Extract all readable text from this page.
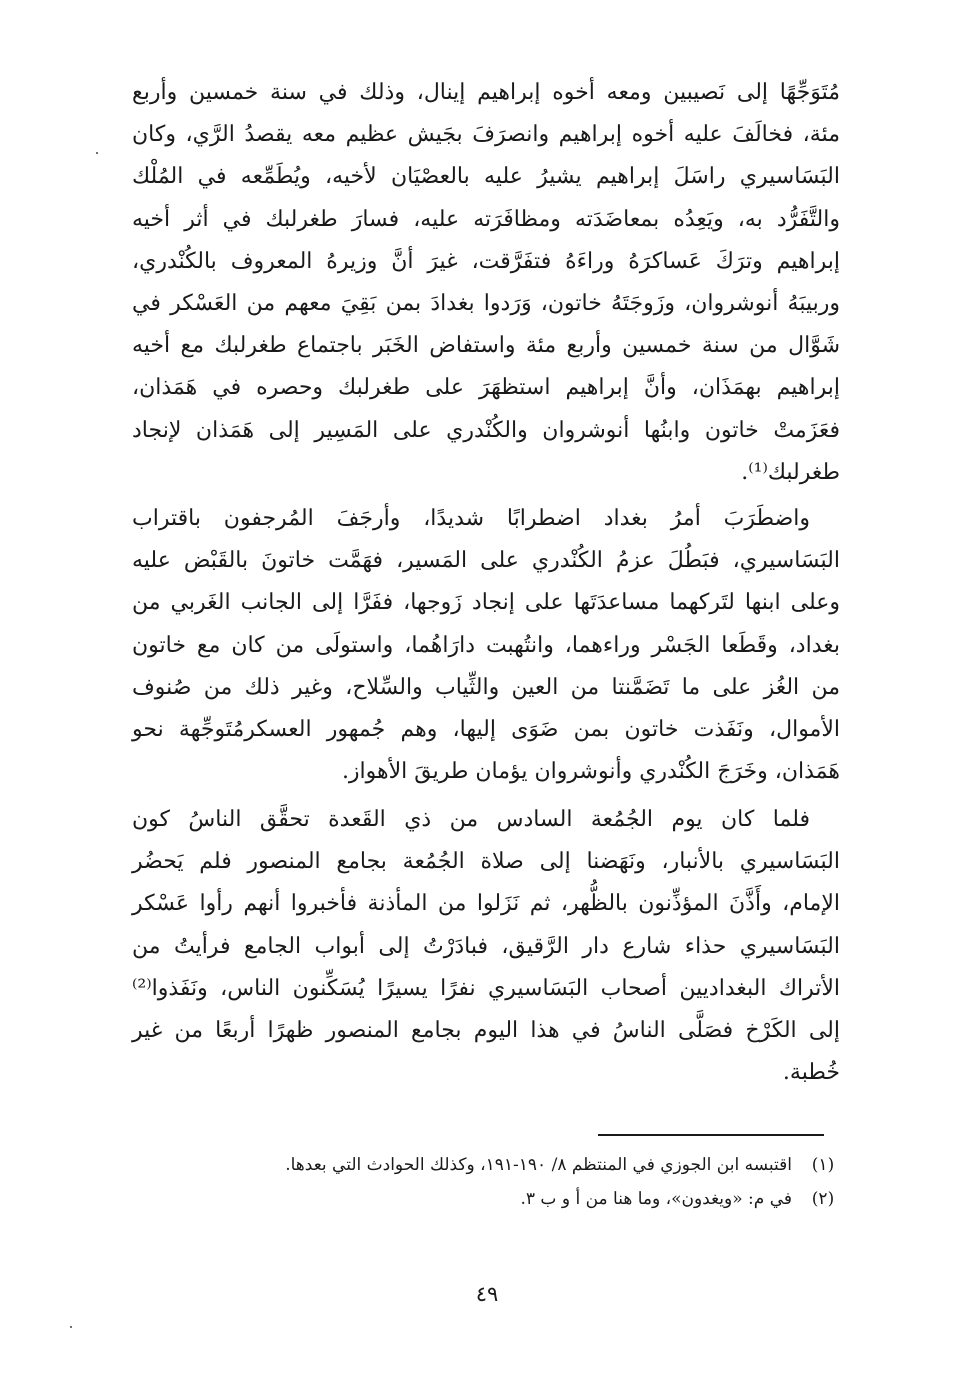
مُتَوَجِّهًا إلى نَصيبين ومعه أخوه إبراهيم إينال، وذلك في سنة خمسين وأربع
مئة، فخالَفَ عليه أخوه إبراهيم وانصرَفَ بجَيش عظيم معه يقصدُ الرَّي، وكان
البَسَاسيري راسَلَ إبراهيم يشيرُ عليه بالعصْيَان لأخيه، ويُطَمِّعه في المُلْك
والتَّفَرُّد به، ويَعِدُه بمعاضَدَته ومظافَرَته عليه، فسارَ طغرلبك في أثر أخيه
إبراهيم وترَكَ عَساكرَهُ وراءَهُ فتفَرَّقت، غيرَ أنَّ وزيرهُ المعروف بالكُنْدري،
وربيبَهُ أنوشروان، وزَوجَتَهُ خاتون، وَرَدوا بغدادَ بمن بَقِيَ معهم من العَسْكر في
شَوَّال من سنة خمسين وأربع مئة واستفاض الخَبَر باجتماع طغرلبك مع أخيه
إبراهيم بهمَذَان، وأنَّ إبراهيم استظهَرَ على طغرلبك وحصره في هَمَذان،
فعَزَمتْ خاتون وابنُها أنوشروان والكُنْدري على المَسِير إلى هَمَذان لإنجاد
طغرلبك⁽¹⁾.
واضطَرَبَ أمرُ بغداد اضطرابًا شديدًا، وأرجَفَ المُرجفون باقتراب
البَسَاسيري، فبَطُلَ عزمُ الكُنْدري على المَسير، فهَمَّت خاتونَ بالقَبْض عليه
وعلى ابنها لتَركهما مساعدَتَها على إنجاد زَوجها، ففَرَّا إلى الجانب الغَربي من
بغداد، وقَطَعا الجَسْر وراءهما، وانتُهبت دارَاهُما، واستولَى من كان مع خاتون
من الغُز على ما تَضَمَّنتا من العين والثِّياب والسِّلاح، وغير ذلك من صُنوف
الأموال، ونَفَذت خاتون بمن ضَوَى إليها، وهم جُمهور العسكرمُتَوجِّهة نحو
هَمَذان، وخَرَجَ الكُنْدري وأنوشروان يؤمان طريقَ الأهواز.
فلما كان يوم الجُمُعة السادس من ذي القَعدة تحقَّق الناسُ كون
البَسَاسيري بالأنبار، ونَهَضنا إلى صلاة الجُمُعة بجامع المنصور فلم يَحضُر
الإمام، وأَذَّنَ المؤذِّنون بالظُّهر، ثم نَزَلوا من المأذنة فأخبروا أنهم رأوا عَسْكر
البَسَاسيري حذاء شارع دار الرَّقيق، فبادَرْتُ إلى أبواب الجامع فرأيتُ من
الأتراك البغداديين أصحاب البَسَاسيري نفرًا يسيرًا يُسَكِّنون الناس، ونَفَذوا⁽²⁾
إلى الكَرْخ فصَلَّى الناسُ في هذا اليوم بجامع المنصور ظهرًا أربعًا من غير
خُطبة.
(١)اقتبسه ابن الجوزي في المنتظم ٨/ ١٩٠-١٩١، وكذلك الحوادث التي بعدها.
(٢)في م: «ويغدون»، وما هنا من أ و ب ٣.
٤٩
